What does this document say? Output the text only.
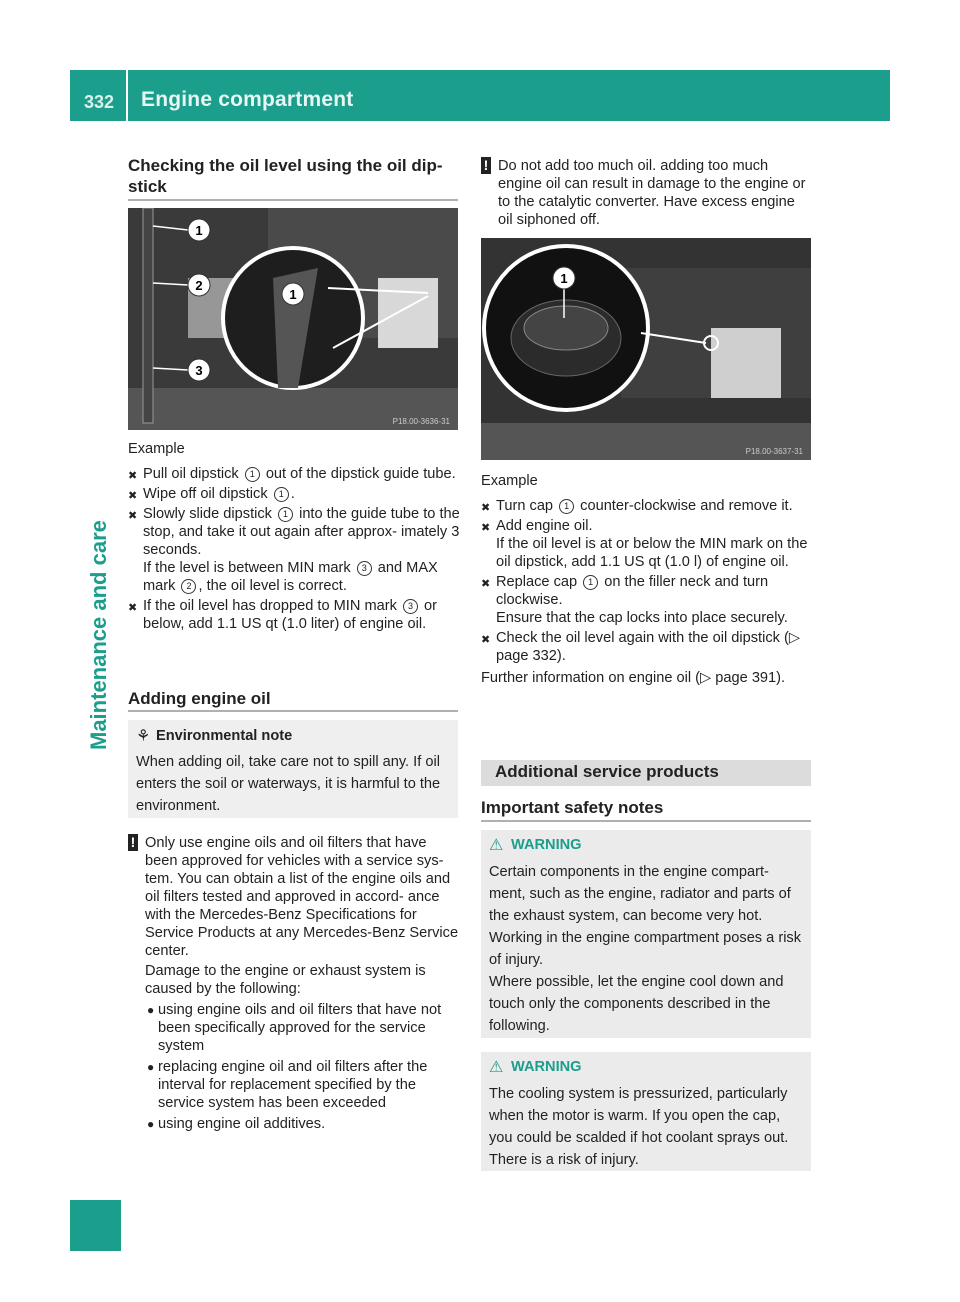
332 Engine compartment
Maintenance and care
Checking the oil level using the oil dip-
stick
1
2
3
1
P18.00-3636-31
Example
✖ Pull oil dipstick 1 out of the dipstick guide tube.
✖ Wipe off oil dipstick 1 .
✖ Slowly slide dipstick 1 into the guide tube to the stop, and take it out again after approx- imately 3 seconds.
If the level is between MIN mark 3 and MAX mark 2 , the oil level is correct.
✖ If the oil level has dropped to MIN mark 3 or below, add 1.1 US qt (1.0 liter) of engine oil.
Adding engine oil
⚘ Environmental note
When adding oil, take care not to spill any. If oil enters the soil or waterways, it is harmful to the environment.
! Only use engine oils and oil filters that have been approved for vehicles with a service sys- tem. You can obtain a list of the engine oils and oil filters tested and approved in accord- ance with the Mercedes-Benz Specifications for Service Products at any Mercedes-Benz Service center.
Damage to the engine or exhaust system is caused by the following:
● using engine oils and oil filters that have not been specifically approved for the service system
● replacing engine oil and oil filters after the interval for replacement specified by the service system has been exceeded
● using engine oil additives.
! Do not add too much oil. adding too much engine oil can result in damage to the engine or to the catalytic converter. Have excess engine oil siphoned off.
1
P18.00-3637-31
Example
✖ Turn cap 1 counter-clockwise and remove it.
✖ Add engine oil.
If the oil level is at or below the MIN mark on the oil dipstick, add 1.1 US qt (1.0 l) of engine oil.
✖ Replace cap 1 on the filler neck and turn clockwise.
Ensure that the cap locks into place securely.
✖ Check the oil level again with the oil dipstick (▷ page 332).
Further information on engine oil (▷ page 391).
Additional service products
Important safety notes
⚠ WARNING
Certain components in the engine compart- ment, such as the engine, radiator and parts of the exhaust system, can become very hot. Working in the engine compartment poses a risk of injury.
Where possible, let the engine cool down and touch only the components described in the following.
⚠ WARNING
The cooling system is pressurized, particularly when the motor is warm. If you open the cap, you could be scalded if hot coolant sprays out. There is a risk of injury.
